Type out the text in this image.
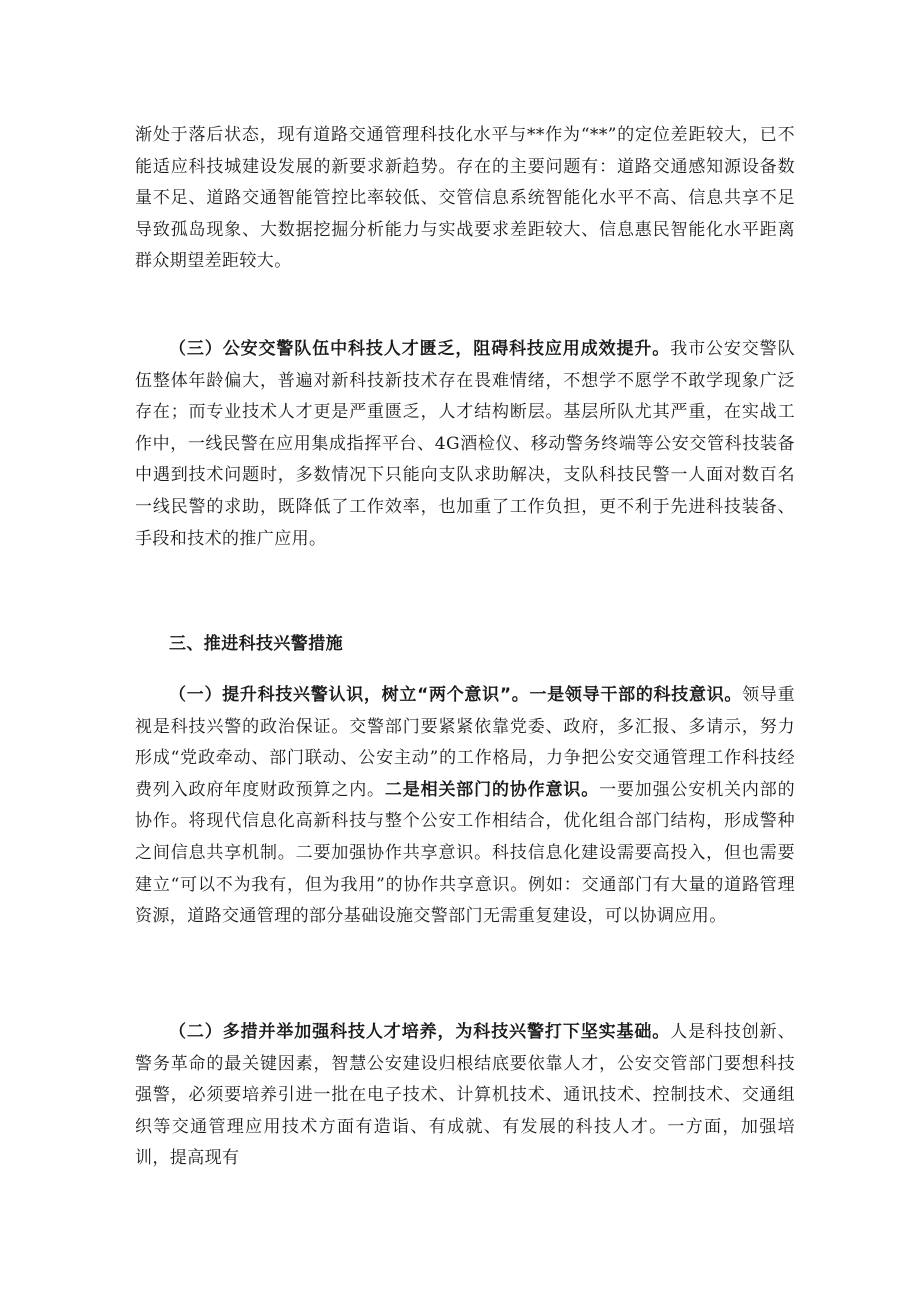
渐处于落后状态，现有道路交通管理科技化水平与**作为“**”的定位差距较大，已不能适应科技城建设发展的新要求新趋势。存在的主要问题有：道路交通感知源设备数量不足、道路交通智能管控比率较低、交管信息系统智能化水平不高、信息共享不足导致孤岛现象、大数据挖掘分析能力与实战要求差距较大、信息惠民智能化水平距离群众期望差距较大。

（三）公安交警队伍中科技人才匮乏，阻碍科技应用成效提升。我市公安交警队伍整体年龄偏大，普遍对新科技新技术存在畏难情绪，不想学不愿学不敢学现象广泛存在；而专业技术人才更是严重匮乏，人才结构断层。基层所队尤其严重，在实战工作中，一线民警在应用集成指挥平台、4G酒检仪、移动警务终端等公安交管科技装备中遇到技术问题时，多数情况下只能向支队求助解决，支队科技民警一人面对数百名一线民警的求助，既降低了工作效率，也加重了工作负担，更不利于先进科技装备、手段和技术的推广应用。

三、推进科技兴警措施

（一）提升科技兴警认识，树立“两个意识”。一是领导干部的科技意识。领导重视是科技兴警的政治保证。交警部门要紧紧依靠党委、政府，多汇报、多请示，努力形成“党政牵动、部门联动、公安主动”的工作格局，力争把公安交通管理工作科技经费列入政府年度财政预算之内。二是相关部门的协作意识。一要加强公安机关内部的协作。将现代信息化高新科技与整个公安工作相结合，优化组合部门结构，形成警种之间信息共享机制。二要加强协作共享意识。科技信息化建设需要高投入，但也需要建立“可以不为我有，但为我用”的协作共享意识。例如：交通部门有大量的道路管理资源，道路交通管理的部分基础设施交警部门无需重复建设，可以协调应用。

（二）多措并举加强科技人才培养，为科技兴警打下坚实基础。人是科技创新、警务革命的最关键因素，智慧公安建设归根结底要依靠人才，公安交管部门要想科技强警，必须要培养引进一批在电子技术、计算机技术、通讯技术、控制技术、交通组织等交通管理应用技术方面有造诣、有成就、有发展的科技人才。一方面，加强培训，提高现有
